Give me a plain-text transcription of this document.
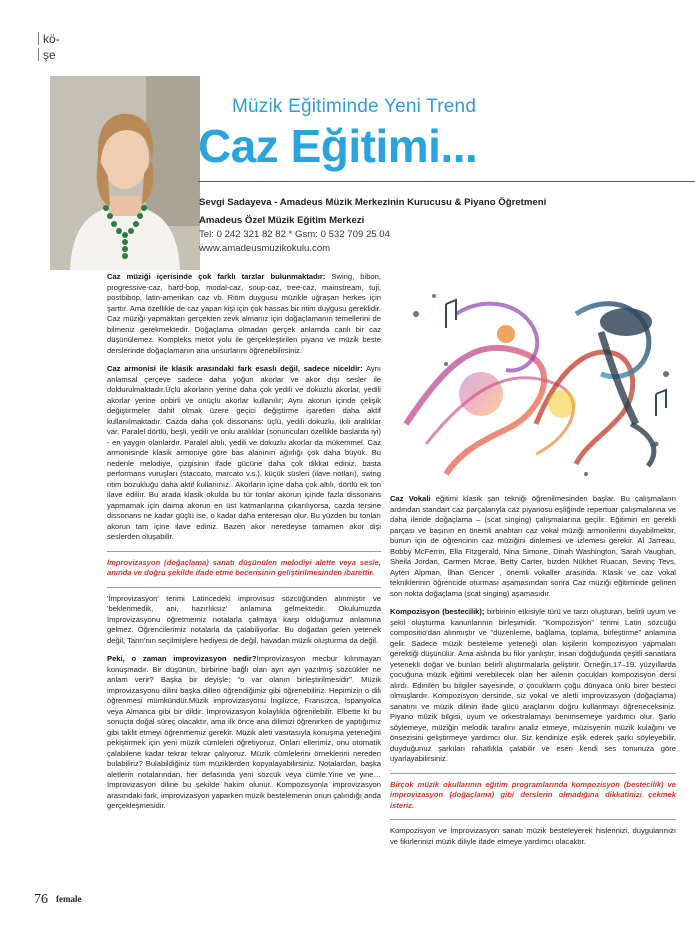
kö-
şe
Müzik Eğitiminde Yeni Trend
Caz Eğitimi...
Sevgi Sadayeva - Amadeus Müzik Merkezinin Kurucusu & Piyano Öğretmeni
Amadeus Özel Müzik Eğitim Merkezi
Tel: 0 242 321 82 82 * Gsm: 0 532 709 25 04
www.amadeusmuzikokulu.com

Caz müziği içerisinde çok farklı tarzlar bulunmaktadır: Swing, bibon, progressive-caz, hard-bop, modal-caz, soup-caz, tree-caz, mainstream, tuji, postbibop, latin-amerikan caz vb. Ritim duygusu müzikle uğraşan herkes için şarttır. Ama özellikle de caz yapan kişi için çok hassas bir ritim duygusu gereklidir. Caz müziği yapmaktan gerçekten zevk almanız için doğaçlamanın temellerini de bilmeniz gerekmektedir. Doğaçlama olmadan gerçek anlamda canlı bir caz düşünülemez. Kompleks metot yolu ile gerçekleştirilen piyano ve müzik beste derslerinde doğaçlamanın ana unsurlarını öğrenebilirsiniz.

Caz armonisi ile klasik arasındaki fark esaslı değil, sadece niceldir: Aynı anlamsal çerçeve sadece daha yoğun akorlar ve akor dışı sesler ile doldurulmaktadır.Üçlü akorların yerine daha çok yedili ve dokuzlu akorlar, yedili akorlar yerine onbirli ve onüçlü akorlar kullanılır; Aynı akorun içinde çelişik değiştirmeler dahil olmak üzere geçici değiştirme işaretleri daha aktif kullanılmaktadır. Cazda daha çok dissonans: üçlü, yedili dokuzlu, ikili aralıklar var. Paralel dörtlü, beşli, yedili ve onlu aralıklar (sonuncuları özellikle baslarda iyi) - en yaygın olanlardır. Paralel altılı, yedili ve dokuzlu akorlar da mükemmel. Caz armonisinde klasik armoniye göre bas alanının ağırlığı çok daha büyük. Bu nedenle melodiye, çizgisinin ifade gücüne daha çok dikkat ediniz, basta performans vuruşları (staccato, marcato v.s.), küçük süsleri (ilave notları), swing ritim bozukluğu daha aktif kullanınız.. Akorların içine daha çok altılı, dörtlü ek ton ilave ediliır. Bu arada klasik okulda bu tür tonlar akorun içinde fazla dissonans yapmamak için daima akorun en üst katmanlarına çıkarılıyorsa, cazda tersine dissonans ne kadar güçlü ise, o kadar daha enteresan olur. Bu yüzden bu tonları akorun tam içine ilave ediniz. Bazen akor neredeyse tamamen akor dişi seslerden oluşabilir.

İmprovizasyon (doğaçlama) sanatı düşünülen melodiyi alette veya sesle, anında ve doğru şekilde ifade etme becerisinin geliştirilmesinden ibarettir.

'İmprovizasyon' terimi Latincedeki improvisus sözcüğünden alınmıştır ve 'beklenmedik, ani, hazırlıksız' anlamına gelmektedir. Okulumuzda İmprovizasyonu öğretmemiz notalarla çalmaya karşı olduğumuz anlamına gelmez. Öğrencilerimiz notalarla da çalabiliyorlar. Bu doğadan gelen yetenek değil, Tanrı'nın seçilmişlere hediyesi de değil, havadan müzik oluşturma da değil.

Peki, o zaman improvizasyon nedir?İmprovizasyon mecbur kılınmayan konuşmadır. Bir düşünün, birbirine bağlı olan ayrı ayrı yazılmış sözcükler ne anlam verir? Başka bir deyişle; "o var olanın birleştirilmesidir". Müzik improvizasyonu dilini başka dilleri öğrendiğimiz gibi öğrenebiliriz. Hepimizin o dili öğrenmesi mümkündür.Müzik improvizasyonu İngilizce, Fransızca, İspanyolca veya Almanca gibi bir dildir. İmprovizasyon kolaylıkla öğrenilebilir. Elbette ki bu sonuçta doğal süreç olacaktır, ama ilk önce ana dilimizi öğrenirken de yaptığımız gibi taklit etmeyi öğrenmemiz gerekir. Müzik aleti vasıtasıyla konuşma yeteneğini pekiştirmek için yeni müzik cümleleri öğretiyoruz. Onları ellerimiz, onu otomatik çalabilene kadar tekrar tekrar çalıyoruz. Müzik cümlelerini örneklerini nereden bulabiliriz? Bulabildiğiniz tüm müziklerden kopyalayabilirsiniz. Notalardan, başka aletlerin notalarından, her defasında yeni sözcük veya cümle.Yine ve yine… İmprovizasyon diline bu şekilde hakim olunur. Kompozisyonla improvizasyon arasındaki fark, improvizasyon yaparken müzik bestelemenin onun çalındığı anda gerçekleşmesidir.

Caz Vokali eğitimi klasik şan tekniği öğrenilmesinden başlar. Bu çalışmaların ardından standart caz parçalarıyla caz piyanosu eşliğinde repertuar çalışmalarına ve daha ileride doğaçlama – (scat singing) çalışmalarına geçilir. Eğitimin en gerekli parçası ve başının en önemli anahtarı caz vokal müziği armonilerini duyabilmektir, bunun için de öğrencinin caz müziğini dinlemesi ve izlemesi gerekir. Al Jarreau, Bobby McFerrin, Ella Fitzgerald, Nina Simone, Dinah Washington, Sarah Vaughan, Sheila Jordan, Carmen Mcrae, Betty Carter, bizden Nükhet Ruacan, Sevinç Tevs, Ayten Alpman, İlhan Gencer , önemli vokaller arasında. Klasik ve caz vokal tekniklerinin öğrencide oturması aşamasından sonra Caz müziği eğitiminde gelinen son nokta doğaçlama (scat singing) aşamasıdır.

Kompozisyon (bestecilik); birbirinin etkisiyle türü ve tarzı oluşturan, belirli uyum ve şekil oluşturma kanunlarının birleşimidir. "Kompozisyon" terimi Latin sözcüğü compositio'dan alınmıştır ve "düzenleme, bağlama, toplama, birleştirme" anlamına gelir. Sadece müzik besteleme yeteneği olan kişilerin kompozisyon yapmaları gerektiği düşünülür. Ama aslında bu fikir yanlıştır, insan doğduğunda çeşitli sanatlara yetenekli doğar ve bunları belirli alıştırmalarla geliştirir. Örneğin,17–19. yüzyıllarda çocuğuna müzik eğitimi verebilecek olan her ailenin çocukları kompozisyon dersi alırdı. Edinilen bu bilgiler sayesinde, o çocukların çoğu dünyaca ünlü birer besteci olmuşlardır. Kompozisyon dersinde, siz vokal ve aletli improvizasyon (doğaçlama) sanatını ve müzik dilinin ifade gücü araçlarını doğru kullanmayı öğreneceksiniz. Piyano müzik bilgisi, uyum ve orkestralamayı benimsemeye yardımcı olur. Şarkı söylemeye, müziğin melodik tarafını analiz etmeye, müzisyenin müzik kulağını ve önsezisini geliştirmeye yardımcı olur. Siz kendinize eşlik ederek şarkı söyleyebilir, duyduğunuz şarkıları rahatlıkla çalabilir ve eseri kendi ses tonunuza göre uyarlayabilirsiniz.

Birçok müzik okullarının eğitim programlarında kompozisyon (bestecilik) ve improvizasyon (doğaçlama) gibi derslerin olmadığına dikkatinizi çekmek isteriz.

Kompozisyon ve İmprovizasyon sanatı müzik besteleyerek hislerinizi, duygularınızı ve fikirlerinizi müzik diliyle ifade etmeye yardımcı olacaktır.

76 female
